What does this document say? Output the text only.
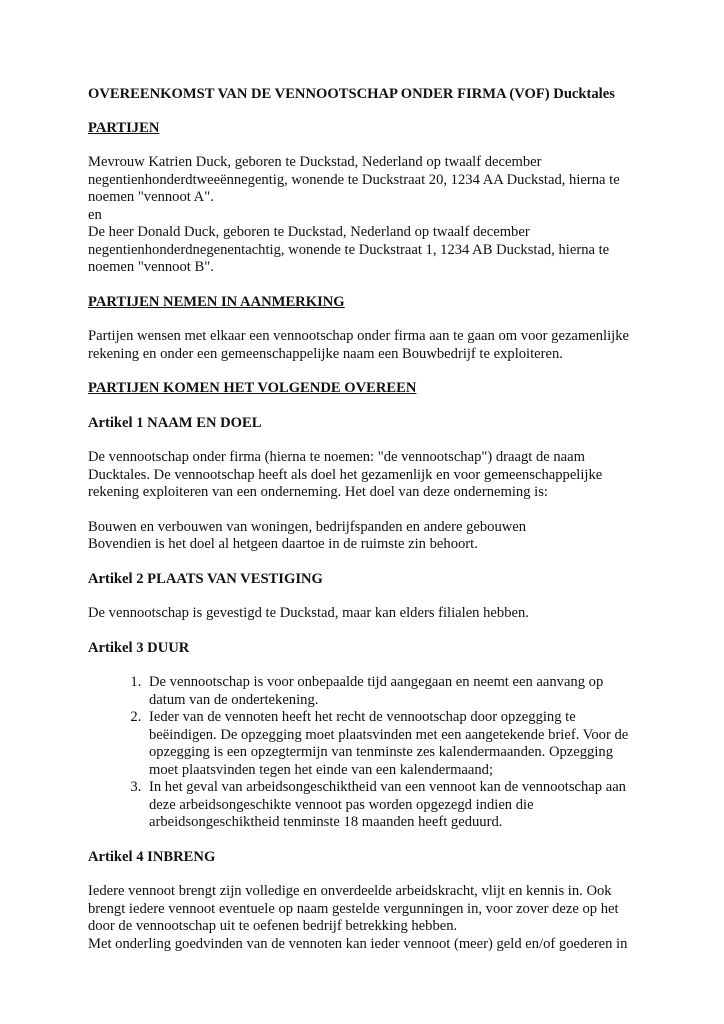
OVEREENKOMST VAN DE VENNOOTSCHAP ONDER FIRMA (VOF) Ducktales
PARTIJEN
Mevrouw Katrien Duck, geboren te Duckstad, Nederland op twaalf december
negentienhonderdtweeënnegentig, wonende te Duckstraat 20, 1234 AA Duckstad, hierna te
noemen "vennoot A".
en
De heer Donald Duck, geboren te Duckstad, Nederland op twaalf december
negentienhonderdnegenentachtig, wonende te Duckstraat 1, 1234 AB Duckstad, hierna te
noemen "vennoot B".
PARTIJEN NEMEN IN AANMERKING
Partijen wensen met elkaar een vennootschap onder firma aan te gaan om voor gezamenlijke
rekening en onder een gemeenschappelijke naam een Bouwbedrijf te exploiteren.
PARTIJEN KOMEN HET VOLGENDE OVEREEN
Artikel 1 NAAM EN DOEL
De vennootschap onder firma (hierna te noemen: "de vennootschap") draagt de naam
Ducktales. De vennootschap heeft als doel het gezamenlijk en voor gemeenschappelijke
rekening exploiteren van een onderneming. Het doel van deze onderneming is:
Bouwen en verbouwen van woningen, bedrijfspanden en andere gebouwen
Bovendien is het doel al hetgeen daartoe in de ruimste zin behoort.
Artikel 2 PLAATS VAN VESTIGING
De vennootschap is gevestigd te Duckstad, maar kan elders filialen hebben.
Artikel 3 DUUR
1. De vennootschap is voor onbepaalde tijd aangegaan en neemt een aanvang op
datum van de ondertekening.
2. Ieder van de vennoten heeft het recht de vennootschap door opzegging te
beëindigen. De opzegging moet plaatsvinden met een aangetekende brief. Voor de
opzegging is een opzegtermijn van tenminste zes kalendermaanden. Opzegging
moet plaatsvinden tegen het einde van een kalendermaand;
3. In het geval van arbeidsongeschiktheid van een vennoot kan de vennootschap aan
deze arbeidsongeschikte vennoot pas worden opgezegd indien die
arbeidsongeschiktheid tenminste 18 maanden heeft geduurd.
Artikel 4 INBRENG
Iedere vennoot brengt zijn volledige en onverdeelde arbeidskracht, vlijt en kennis in. Ook
brengt iedere vennoot eventuele op naam gestelde vergunningen in, voor zover deze op het
door de vennootschap uit te oefenen bedrijf betrekking hebben.
Met onderling goedvinden van de vennoten kan ieder vennoot (meer) geld en/of goederen in
